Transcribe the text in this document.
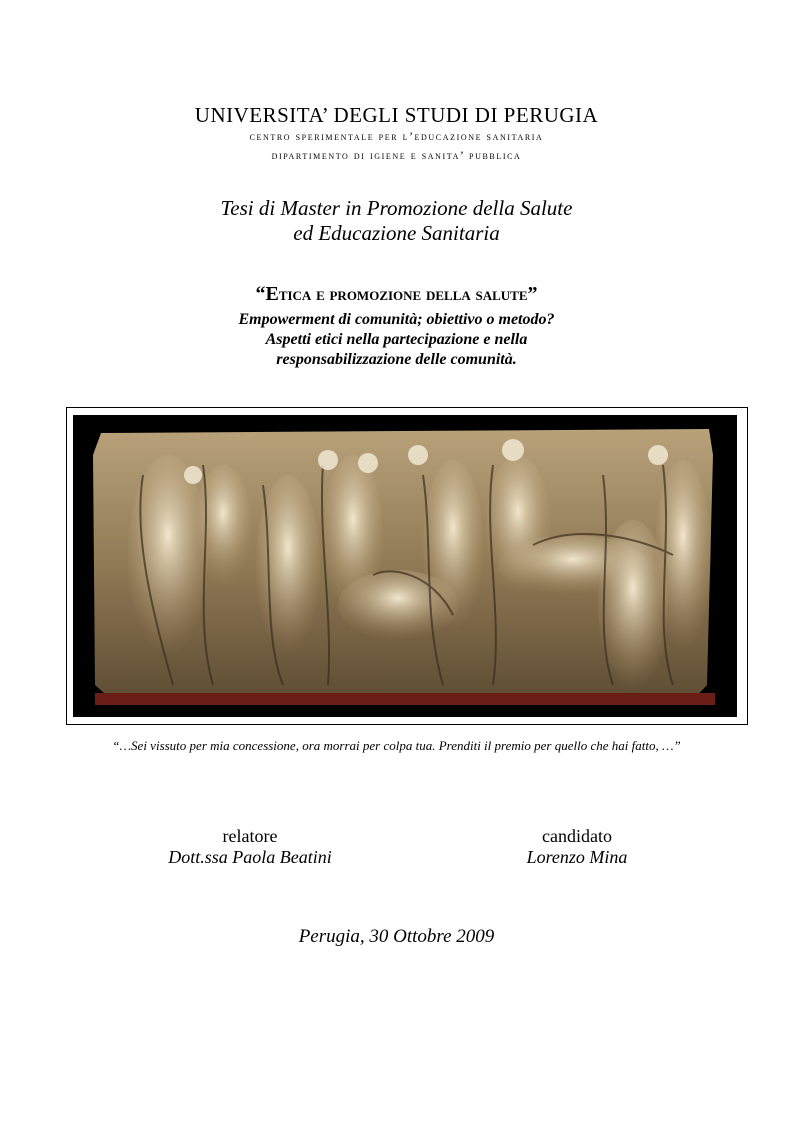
UNIVERSITA’ DEGLI STUDI DI PERUGIA
centro sperimentale per l’educazione sanitaria
dipartimento di igiene e sanita’ pubblica
Tesi di Master in Promozione della Salute
ed Educazione Sanitaria
“Etica e promozione della salute”
Empowerment di comunità; obiettivo o metodo?
Aspetti etici nella partecipazione e nella
responsabilizzazione delle comunità.
“…Sei vissuto per mia concessione, ora morrai per colpa tua. Prenditi il premio per quello che hai fatto, …”
relatore
Dott.ssa Paola Beatini
candidato
Lorenzo Mina
Perugia, 30 Ottobre 2009
